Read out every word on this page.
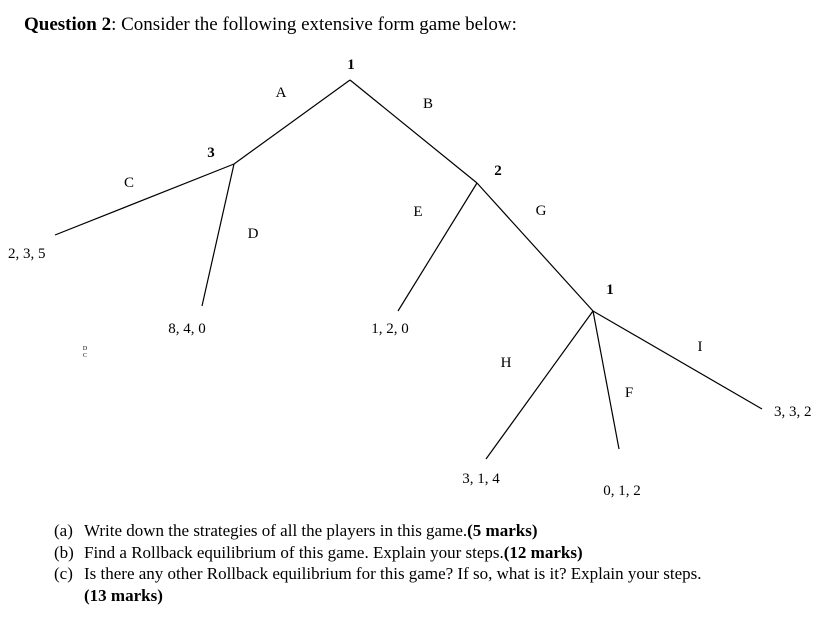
Question 2: Consider the following extensive form game below:
1
3
2
1
A
B
C
D
E	G
H
F
I
2, 3, 5
8, 4, 0	1, 2, 0
3, 1, 4
0, 1, 2
3, 3, 2
D
C
(a) Write down the strategies of all the players in this game. (5 marks)
(b) Find a Rollback equilibrium of this game. Explain your steps. (12 marks)
(c) Is there any other Rollback equilibrium for this game? If so, what is it? Explain your steps.
(13 marks)
